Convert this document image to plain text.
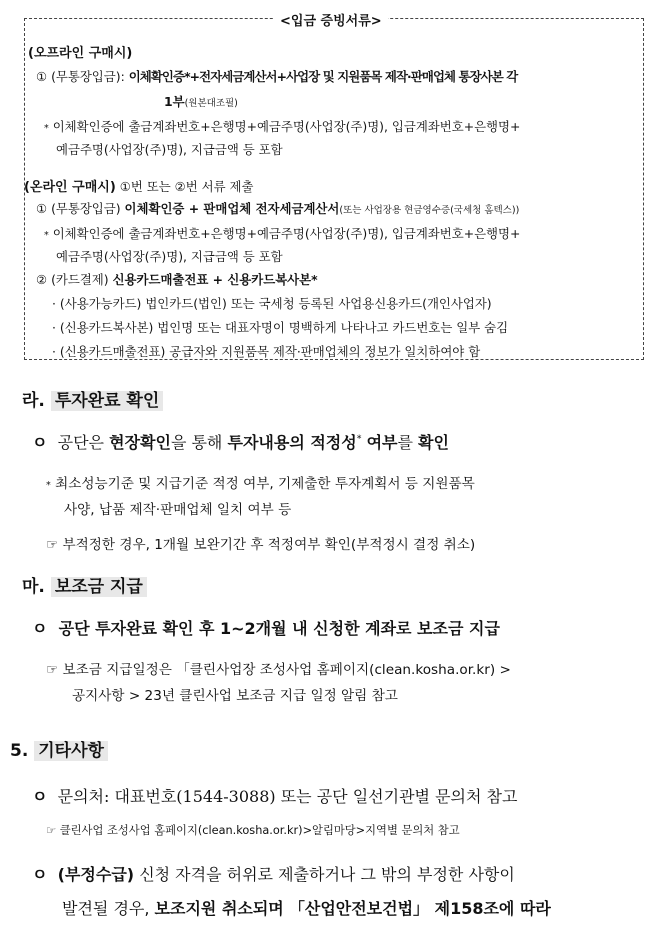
<입금 증빙서류>
(오프라인 구매시)
① (무통장입금): 이체확인증*+전자세금계산서+사업장 및 지원품목 제작·판매업체 통장사본 각
1부(원본대조필)
* 이체확인증에 출금계좌번호+은행명+예금주명(사업장(주)명), 입금계좌번호+은행명+
예금주명(사업장(주)명), 지급금액 등 포함
(온라인 구매시) ①번 또는 ②번 서류 제출
① (무통장입금) 이체확인증 + 판매업체 전자세금계산서(또는 사업장용 현금영수증(국세청 홈텍스))
* 이체확인증에 출금계좌번호+은행명+예금주명(사업장(주)명), 입금계좌번호+은행명+
예금주명(사업장(주)명), 지급금액 등 포함
② (카드결제) 신용카드매출전표 + 신용카드복사본*
· (사용가능카드) 법인카드(법인) 또는 국세청 등록된 사업용신용카드(개인사업자)
· (신용카드복사본) 법인명 또는 대표자명이 명백하게 나타나고 카드번호는 일부 숨김
· (신용카드매출전표) 공급자와 지원품목 제작·판매업체의 정보가 일치하여야 함
라. 투자완료 확인
ㅇ 공단은 현장확인을 통해 투자내용의 적정성* 여부를 확인
* 최소성능기준 및 지급기준 적정 여부, 기제출한 투자계획서 등 지원품목
사양, 납품 제작·판매업체 일치 여부 등
☞ 부적정한 경우, 1개월 보완기간 후 적정여부 확인(부적정시 결정 취소)
마. 보조금 지급
ㅇ 공단 투자완료 확인 후 1~2개월 내 신청한 계좌로 보조금 지급
☞ 보조금 지급일정은 「클린사업장 조성사업 홈페이지(clean.kosha.or.kr) >
공지사항 > 23년 클린사업 보조금 지급 일정 알림 참고
5. 기타사항
ㅇ 문의처: 대표번호(1544-3088) 또는 공단 일선기관별 문의처 참고
☞ 클린사업 조성사업 홈페이지(clean.kosha.or.kr)>알림마당>지역별 문의처 참고
ㅇ (부정수급) 신청 자격을 허위로 제출하거나 그 밖의 부정한 사항이
발견될 경우, 보조지원 취소되며 「산업안전보건법」 제158조에 따라
